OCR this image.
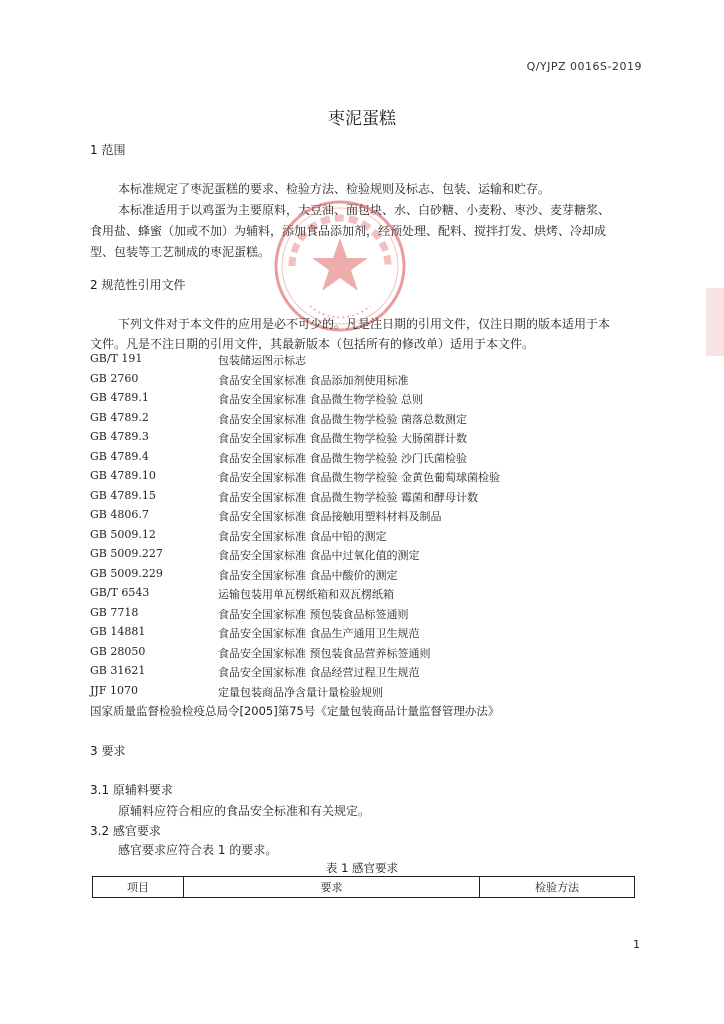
Q/YJPZ 0016S-2019
枣泥蛋糕
1 范围
本标准规定了枣泥蛋糕的要求、检验方法、检验规则及标志、包装、运输和贮存。
本标准适用于以鸡蛋为主要原料，大豆油、面包块、水、白砂糖、小麦粉、枣沙、麦芽糖浆、
食用盐、蜂蜜（加或不加）为辅料，添加食品添加剂，经预处理、配料、搅拌打发、烘烤、冷却成
型、包装等工艺制成的枣泥蛋糕。
2 规范性引用文件
下列文件对于本文件的应用是必不可少的。凡是注日期的引用文件，仅注日期的版本适用于本
文件。凡是不注日期的引用文件，其最新版本（包括所有的修改单）适用于本文件。
GB/T 191	包装储运图示标志
GB 2760	食品安全国家标准 食品添加剂使用标准
GB 4789.1	食品安全国家标准 食品微生物学检验 总则
GB 4789.2	食品安全国家标准 食品微生物学检验 菌落总数测定
GB 4789.3	食品安全国家标准 食品微生物学检验 大肠菌群计数
GB 4789.4	食品安全国家标准 食品微生物学检验 沙门氏菌检验
GB 4789.10	食品安全国家标准 食品微生物学检验 金黄色葡萄球菌检验
GB 4789.15	食品安全国家标准 食品微生物学检验 霉菌和酵母计数
GB 4806.7	食品安全国家标准 食品接触用塑料材料及制品
GB 5009.12	食品安全国家标准 食品中铅的测定
GB 5009.227	食品安全国家标准 食品中过氧化值的测定
GB 5009.229	食品安全国家标准 食品中酸价的测定
GB/T 6543	运输包装用单瓦楞纸箱和双瓦楞纸箱
GB 7718	食品安全国家标准 预包装食品标签通则
GB 14881	食品安全国家标准 食品生产通用卫生规范
GB 28050	食品安全国家标准 预包装食品营养标签通则
GB 31621	食品安全国家标准 食品经营过程卫生规范
JJF 1070	定量包装商品净含量计量检验规则
国家质量监督检验检疫总局令[2005]第75号《定量包装商品计量监督管理办法》
3 要求
3.1 原辅料要求
原辅料应符合相应的食品安全标准和有关规定。
3.2 感官要求
感官要求应符合表 1 的要求。
表 1 感官要求
项目	要求	检验方法
1
